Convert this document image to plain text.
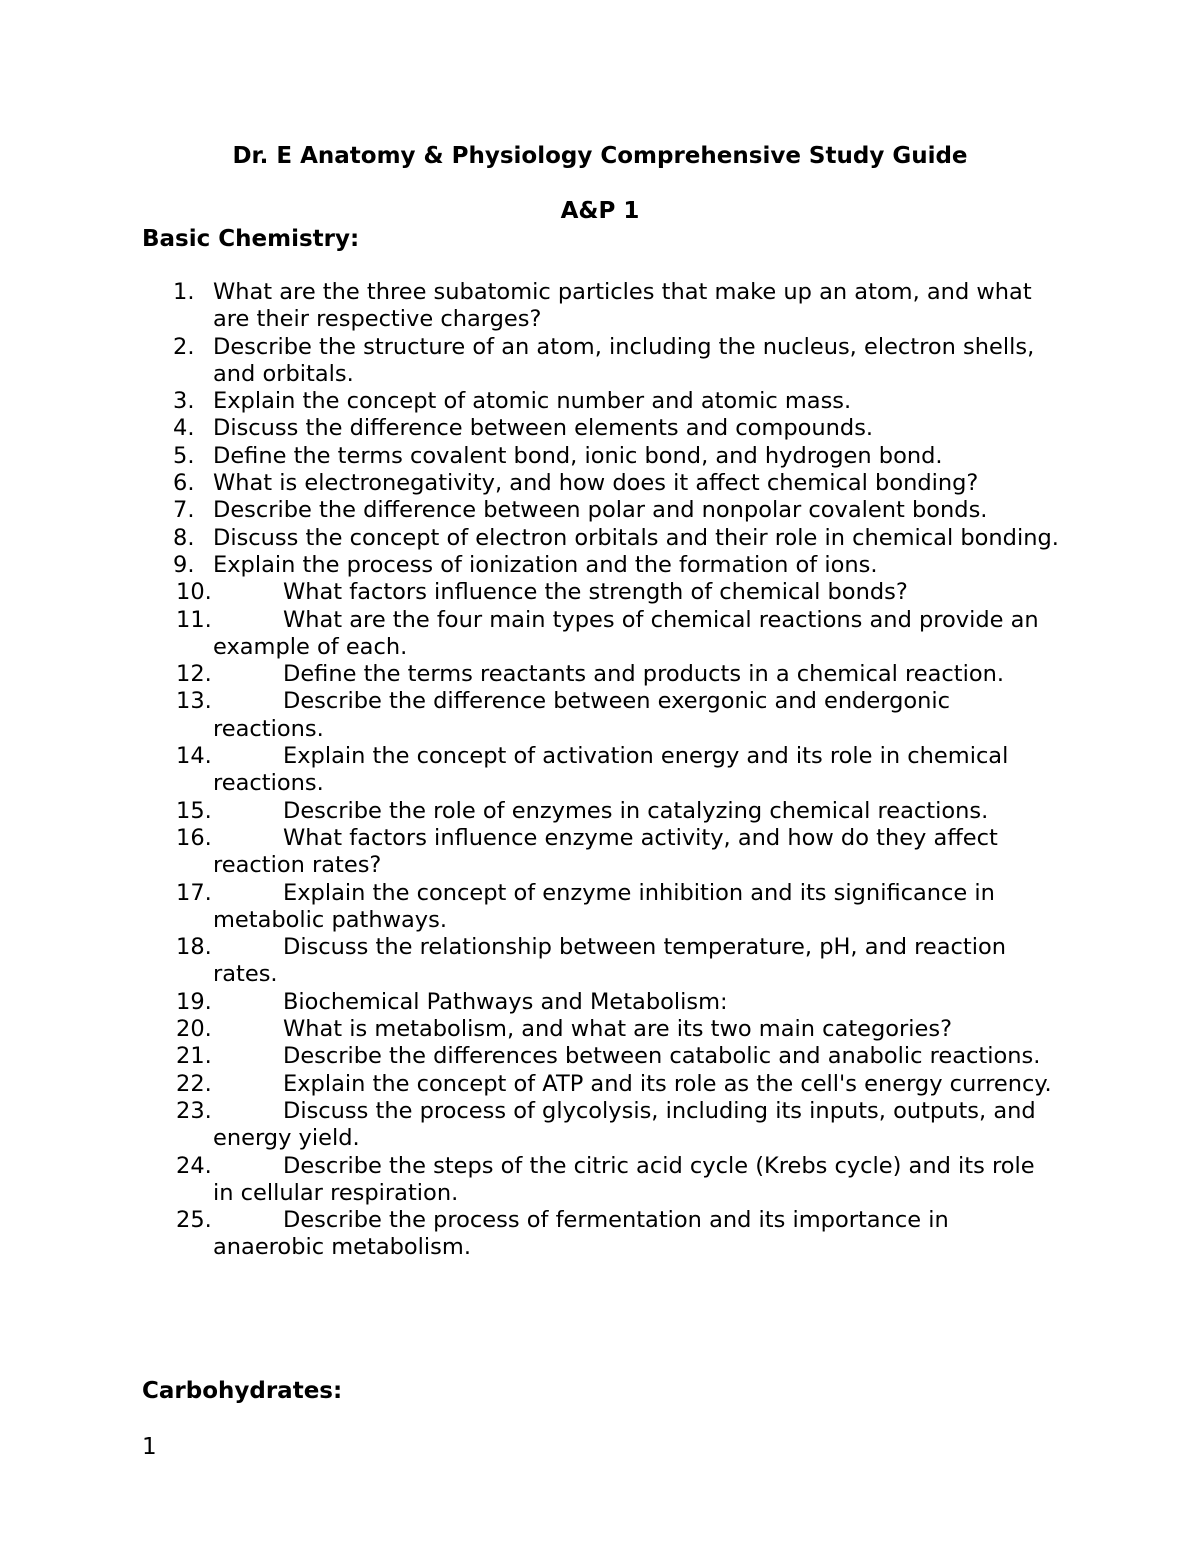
Dr. E Anatomy & Physiology Comprehensive Study Guide
A&P 1
Basic Chemistry:
1. What are the three subatomic particles that make up an atom, and what are their respective charges?
2. Describe the structure of an atom, including the nucleus, electron shells, and orbitals.
3. Explain the concept of atomic number and atomic mass.
4. Discuss the difference between elements and compounds.
5. Define the terms covalent bond, ionic bond, and hydrogen bond.
6. What is electronegativity, and how does it affect chemical bonding?
7. Describe the difference between polar and nonpolar covalent bonds.
8. Discuss the concept of electron orbitals and their role in chemical bonding.
9. Explain the process of ionization and the formation of ions.
10.	What factors influence the strength of chemical bonds?
11.	What are the four main types of chemical reactions and provide an example of each.
12.	Define the terms reactants and products in a chemical reaction.
13.	Describe the difference between exergonic and endergonic reactions.
14.	Explain the concept of activation energy and its role in chemical reactions.
15.	Describe the role of enzymes in catalyzing chemical reactions.
16.	What factors influence enzyme activity, and how do they affect reaction rates?
17.	Explain the concept of enzyme inhibition and its significance in metabolic pathways.
18.	Discuss the relationship between temperature, pH, and reaction rates.
19.	Biochemical Pathways and Metabolism:
20.	What is metabolism, and what are its two main categories?
21.	Describe the differences between catabolic and anabolic reactions.
22.	Explain the concept of ATP and its role as the cell's energy currency.
23.	Discuss the process of glycolysis, including its inputs, outputs, and energy yield.
24.	Describe the steps of the citric acid cycle (Krebs cycle) and its role in cellular respiration.
25.	Describe the process of fermentation and its importance in anaerobic metabolism.
Carbohydrates:
1
